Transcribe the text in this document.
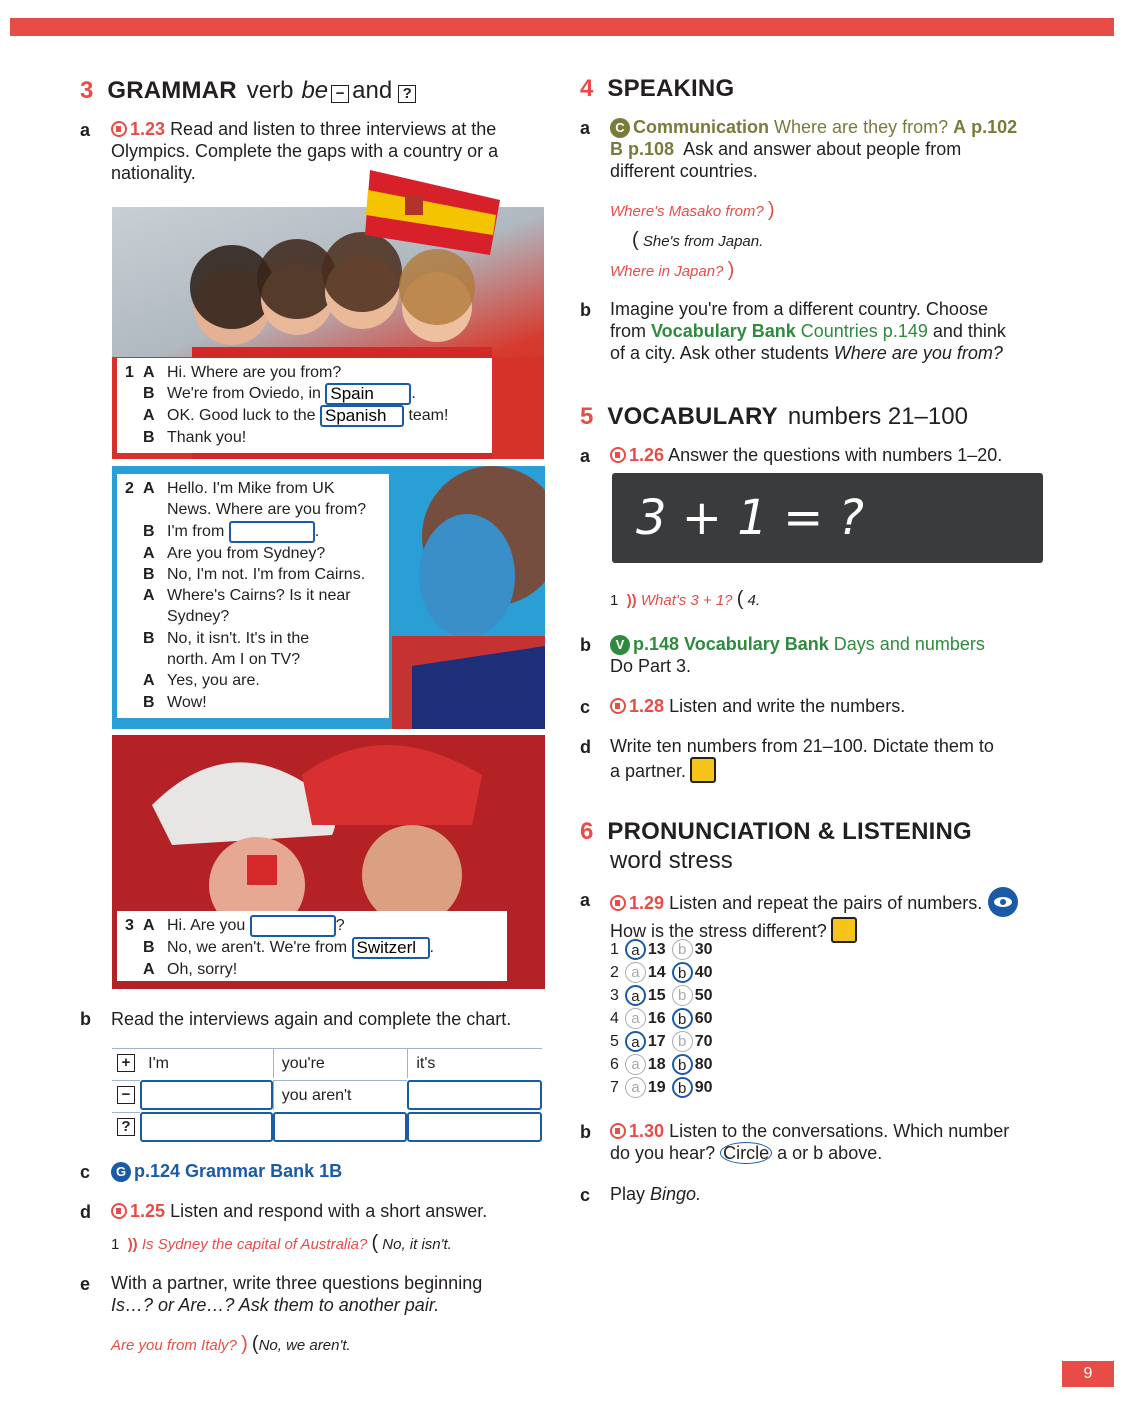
3 GRAMMAR verb be − and ?
a	1.23 Read and listen to three interviews at the
Olympics. Complete the gaps with a country or a
nationality.
1 A Hi. Where are you from?
B We're from Oviedo, in
Spain	.
A OK. Good luck to the
Spanish
	team!
B Thank you!
2 A Hello. I'm Mike from UK
News. Where are you from?
B I'm from
	.
A Are you from Sydney?
B No, I'm not. I'm from Cairns.
A Where's Cairns? Is it near
Sydney?
B No, it isn't. It's in the
north. Am I on TV?
A Yes, you are.
B Wow!
3 A Hi. Are you
	?
B No, we aren't. We're from
Switzerl .
A Oh, sorry!
b Read the interviews again and complete the chart.
+	I'm	you're	it's
−		you aren't	
?			
c	G p.124 Grammar Bank 1B
d	1.25 Listen and respond with a short answer.
1 )) Is Sydney the capital of Australia? ( No, it isn't.
e With a partner, write three questions beginning
Is…? or Are…? Ask them to another pair.
Are you from Italy? ) (No, we aren't.
4 SPEAKING
a	C Communication Where are they from? A p.102
B p.108 Ask and answer about people from
different countries.
Where's Masako from? )
( She's from Japan.
Where in Japan? )
b Imagine you're from a different country. Choose
from Vocabulary Bank Countries p.149 and think
of a city. Ask other students Where are you from?
5 VOCABULARY numbers 21–100
a	1.26 Answer the questions with numbers 1–20.
3 + 1 = ?
1 )) What's 3 + 1? ( 4.
b	V p.148 Vocabulary Bank Days and numbers
Do Part 3.
c	1.28 Listen and write the numbers.
d Write ten numbers from 21–100. Dictate them to
a partner.
6 PRONUNCIATION & LISTENING
word stress
a	1.29 Listen and repeat the pairs of numbers.
How is the stress different?
1 a 13 b 30
2 a 14 b 40
3 a 15 b 50
4 a 16 b 60
5 a 17 b 70
6 a 18 b 80
7 a 19 b 90
b	1.30 Listen to the conversations. Which number
do you hear? Circle a or b above.
c Play Bingo.
9
